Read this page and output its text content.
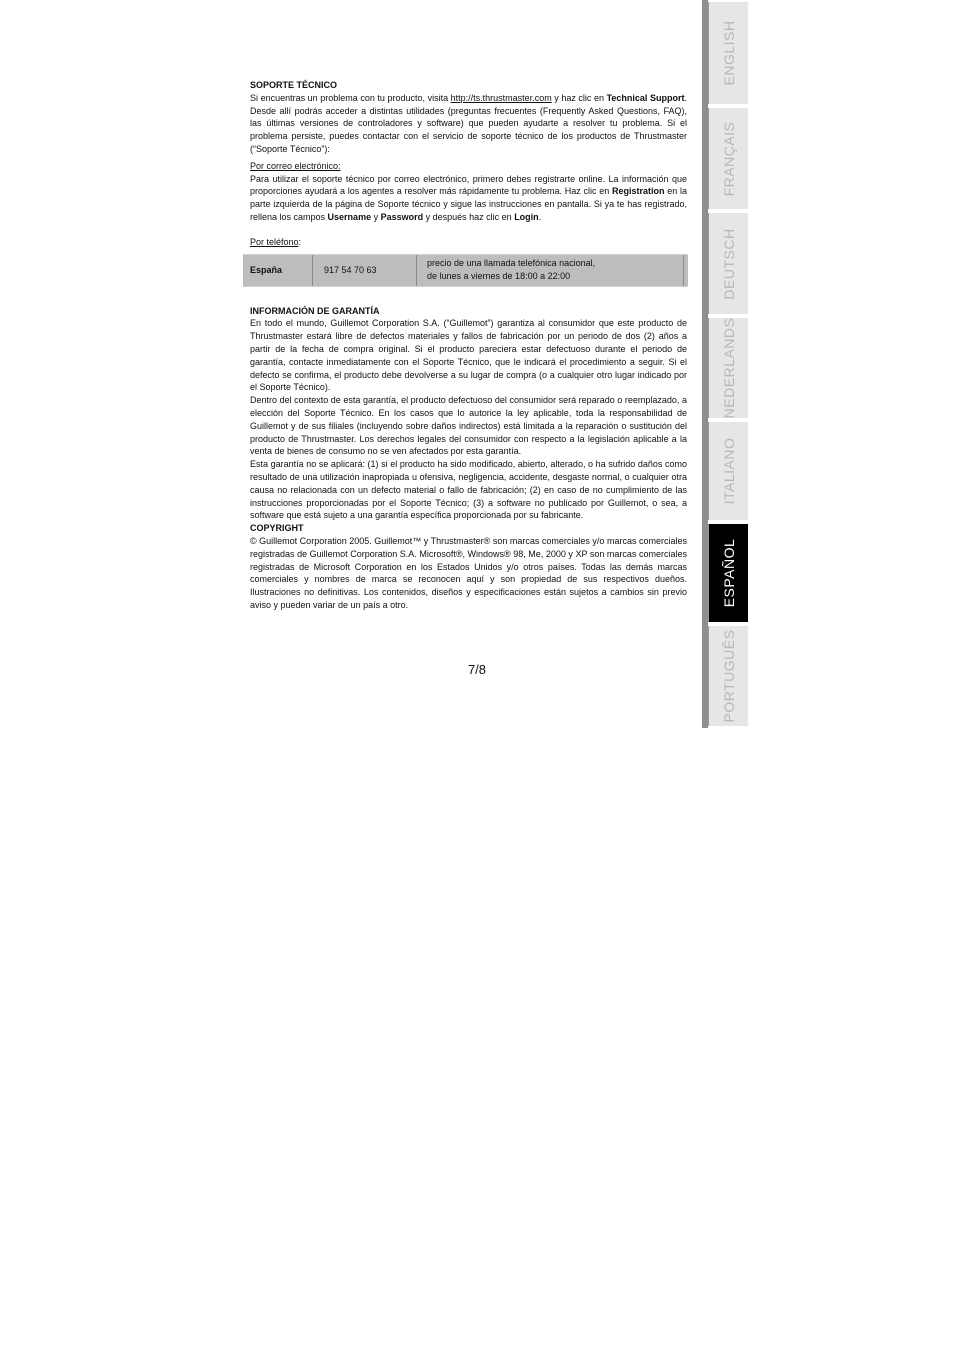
SOPORTE TÉCNICO

Si encuentras un problema con tu producto, visita http://ts.thrustmaster.com y haz clic en Technical Support. Desde allí podrás acceder a distintas utilidades (preguntas frecuentes (Frequently Asked Questions, FAQ), las últimas versiones de controladores y software) que pueden ayudarte a resolver tu problema. Si el problema persiste, puedes contactar con el servicio de soporte técnico de los productos de Thrustmaster (“Soporte Técnico”):

Por correo electrónico:

Para utilizar el soporte técnico por correo electrónico, primero debes registrarte online. La información que proporciones ayudará a los agentes a resolver más rápidamente tu problema. Haz clic en Registration en la parte izquierda de la página de Soporte técnico y sigue las instrucciones en pantalla. Si ya te has registrado, rellena los campos Username y Password y después haz clic en Login.

Por teléfono:
España	917 54 70 63
precio de una llamada telefónica nacional,
de lunes a viernes de 18:00 a 22:00
INFORMACIÓN DE GARANTÍA

En todo el mundo, Guillemot Corporation S.A. (“Guillemot”) garantiza al consumidor que este producto de Thrustmaster estará libre de defectos materiales y fallos de fabricación por un periodo de dos (2) años a partir de la fecha de compra original. Si el producto pareciera estar defectuoso durante el periodo de garantía, contacte inmediatamente con el Soporte Técnico, que le indicará el procedimiento a seguir. Si el defecto se confirma, el producto debe devolverse a su lugar de compra (o a cualquier otro lugar indicado por el Soporte Técnico).

Dentro del contexto de esta garantía, el producto defectuoso del consumidor será reparado o reemplazado, a elección del Soporte Técnico. En los casos que lo autorice la ley aplicable, toda la responsabilidad de Guillemot y de sus filiales (incluyendo sobre daños indirectos) está limitada a la reparación o sustitución del producto de Thrustmaster. Los derechos legales del consumidor con respecto a la legislación aplicable a la venta de bienes de consumo no se ven afectados por esta garantía.

Esta garantía no se aplicará: (1) si el producto ha sido modificado, abierto, alterado, o ha sufrido daños como resultado de una utilización inapropiada u ofensiva, negligencia, accidente, desgaste normal, o cualquier otra causa no relacionada con un defecto material o fallo de fabricación; (2) en caso de no cumplimiento de las instrucciones proporcionadas por el Soporte Técnico; (3) a software no publicado por Guillemot, o sea, a software que está sujeto a una garantía específica proporcionada por su fabricante.

COPYRIGHT

© Guillemot Corporation 2005. Guillemot™ y Thrustmaster® son marcas comerciales y/o marcas comerciales registradas de Guillemot Corporation S.A. Microsoft®, Windows® 98, Me, 2000 y XP son marcas comerciales registradas de Microsoft Corporation en los Estados Unidos y/o otros países. Todas las demás marcas comerciales y nombres de marca se reconocen aquí y son propiedad de sus respectivos dueños. Ilustraciones no definitivas. Los contenidos, diseños y especificaciones están sujetos a cambios sin previo aviso y pueden variar de un país a otro.

7/8
ENGLISH
FRANÇAIS
DEUTSCH
NEDERLANDS
ITALIANO
ESPAÑOL
PORTUGUÊS
